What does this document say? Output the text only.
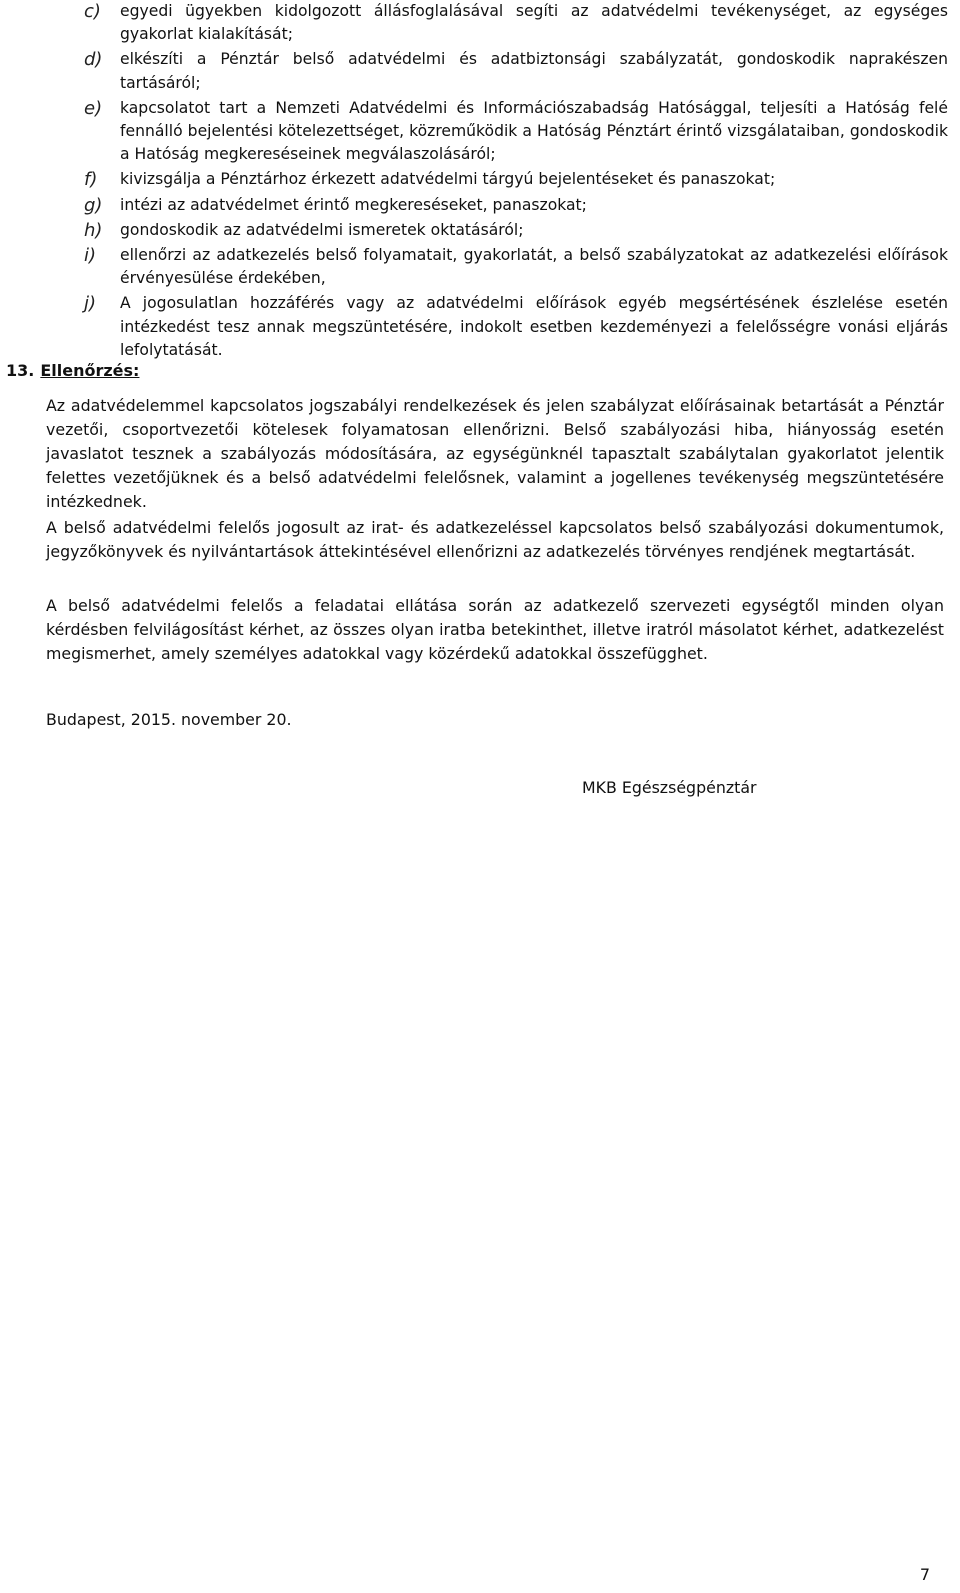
c) egyedi ügyekben kidolgozott állásfoglalásával segíti az adatvédelmi tevékenységet, az egységes gyakorlat kialakítását;
d) elkészíti a Pénztár belső adatvédelmi és adatbiztonsági szabályzatát, gondoskodik naprakészen tartásáról;
e) kapcsolatot tart a Nemzeti Adatvédelmi és Információszabadság Hatósággal, teljesíti a Hatóság felé fennálló bejelentési kötelezettséget, közreműködik a Hatóság Pénztárt érintő vizsgálataiban, gondoskodik a Hatóság megkereséseinek megválaszolásáról;
f) kivizsgálja a Pénztárhoz érkezett adatvédelmi tárgyú bejelentéseket és panaszokat;
g) intézi az adatvédelmet érintő megkereséseket, panaszokat;
h) gondoskodik az adatvédelmi ismeretek oktatásáról;
i) ellenőrzi az adatkezelés belső folyamatait, gyakorlatát, a belső szabályzatokat az adatkezelési előírások érvényesülése érdekében,
j) A jogosulatlan hozzáférés vagy az adatvédelmi előírások egyéb megsértésének észlelése esetén intézkedést tesz annak megszüntetésére, indokolt esetben kezdeményezi a felelősségre vonási eljárás lefolytatását.
13. Ellenőrzés:
Az adatvédelemmel kapcsolatos jogszabályi rendelkezések és jelen szabályzat előírásainak betartását a Pénztár vezetői, csoportvezetői kötelesek folyamatosan ellenőrizni. Belső szabályozási hiba, hiányosság esetén javaslatot tesznek a szabályozás módosítására, az egységünknél tapasztalt szabálytalan gyakorlatot jelentik felettes vezetőjüknek és a belső adatvédelmi felelősnek, valamint a jogellenes tevékenység megszüntetésére intézkednek.
A belső adatvédelmi felelős jogosult az irat- és adatkezeléssel kapcsolatos belső szabályozási dokumentumok, jegyzőkönyvek és nyilvántartások áttekintésével ellenőrizni az adatkezelés törvényes rendjének megtartását.
A belső adatvédelmi felelős a feladatai ellátása során az adatkezelő szervezeti egységtől minden olyan kérdésben felvilágosítást kérhet, az összes olyan iratba betekinthet, illetve iratról másolatot kérhet, adatkezelést megismerhet, amely személyes adatokkal vagy közérdekű adatokkal összefügghet.
Budapest, 2015. november 20.
MKB Egészségpénztár
7
